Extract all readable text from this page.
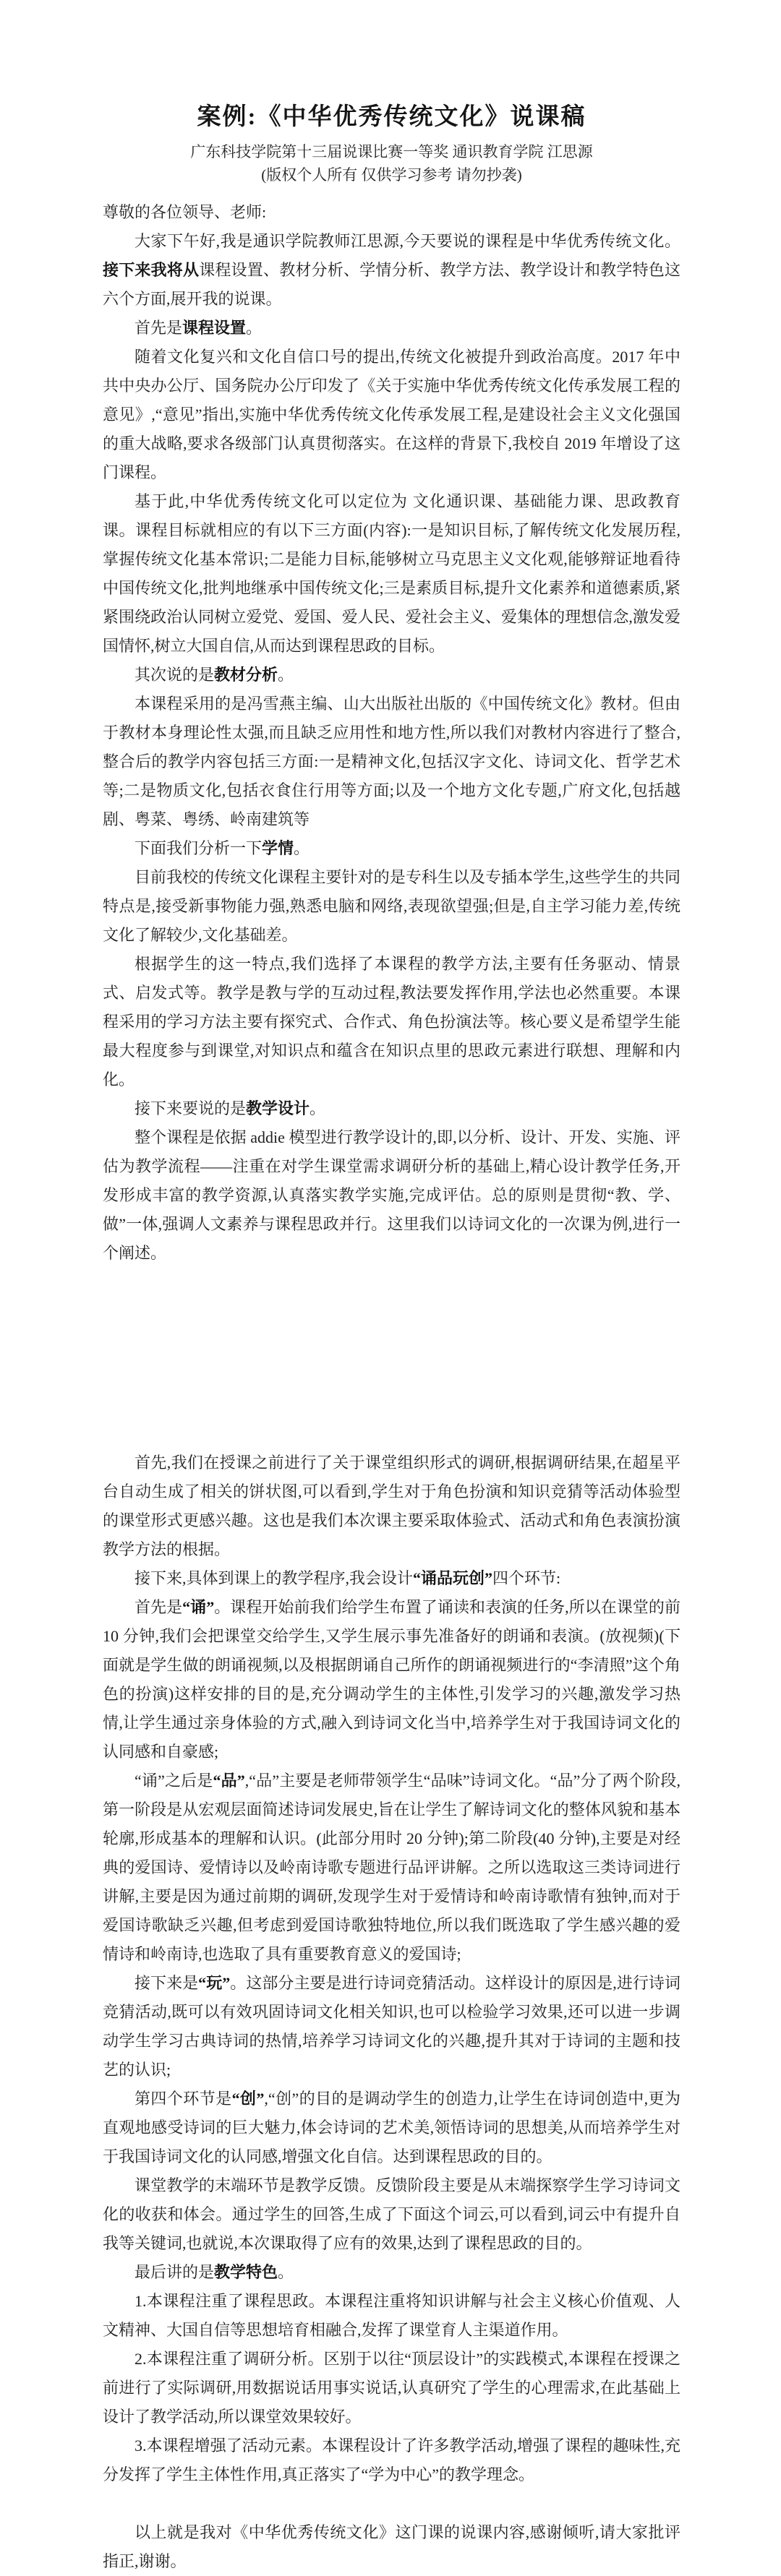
案例:《中华优秀传统文化》说课稿

广东科技学院第十三届说课比赛一等奖 通识教育学院 江思源

(版权个人所有 仅供学习参考 请勿抄袭)

尊敬的各位领导、老师:

大家下午好,我是通识学院教师江思源,今天要说的课程是中华优秀传统文化。接下来我将从课程设置、教材分析、学情分析、教学方法、教学设计和教学特色这六个方面,展开我的说课。

首先是课程设置。

随着文化复兴和文化自信口号的提出,传统文化被提升到政治高度。2017 年中共中央办公厅、国务院办公厅印发了《关于实施中华优秀传统文化传承发展工程的意见》,“意见”指出,实施中华优秀传统文化传承发展工程,是建设社会主义文化强国的重大战略,要求各级部门认真贯彻落实。在这样的背景下,我校自 2019 年增设了这门课程。

基于此,中华优秀传统文化可以定位为 文化通识课、基础能力课、思政教育课。课程目标就相应的有以下三方面(内容):一是知识目标,了解传统文化发展历程,掌握传统文化基本常识;二是能力目标,能够树立马克思主义文化观,能够辩证地看待中国传统文化,批判地继承中国传统文化;三是素质目标,提升文化素养和道德素质,紧紧围绕政治认同树立爱党、爱国、爱人民、爱社会主义、爱集体的理想信念,激发爱国情怀,树立大国自信,从而达到课程思政的目标。

其次说的是教材分析。

本课程采用的是冯雪燕主编、山大出版社出版的《中国传统文化》教材。但由于教材本身理论性太强,而且缺乏应用性和地方性,所以我们对教材内容进行了整合,整合后的教学内容包括三方面:一是精神文化,包括汉字文化、诗词文化、哲学艺术等;二是物质文化,包括衣食住行用等方面;以及一个地方文化专题,广府文化,包括越剧、粤菜、粤绣、岭南建筑等

下面我们分析一下学情。

目前我校的传统文化课程主要针对的是专科生以及专插本学生,这些学生的共同特点是,接受新事物能力强,熟悉电脑和网络,表现欲望强;但是,自主学习能力差,传统文化了解较少,文化基础差。

根据学生的这一特点,我们选择了本课程的教学方法,主要有任务驱动、情景式、启发式等。教学是教与学的互动过程,教法要发挥作用,学法也必然重要。本课程采用的学习方法主要有探究式、合作式、角色扮演法等。核心要义是希望学生能最大程度参与到课堂,对知识点和蕴含在知识点里的思政元素进行联想、理解和内化。

接下来要说的是教学设计。

整个课程是依据 addie 模型进行教学设计的,即,以分析、设计、开发、实施、评估为教学流程——注重在对学生课堂需求调研分析的基础上,精心设计教学任务,开发形成丰富的教学资源,认真落实教学实施,完成评估。总的原则是贯彻“教、学、做”一体,强调人文素养与课程思政并行。这里我们以诗词文化的一次课为例,进行一个阐述。

首先,我们在授课之前进行了关于课堂组织形式的调研,根据调研结果,在超星平台自动生成了相关的饼状图,可以看到,学生对于角色扮演和知识竞猜等活动体验型的课堂形式更感兴趣。这也是我们本次课主要采取体验式、活动式和角色表演扮演教学方法的根据。

接下来,具体到课上的教学程序,我会设计“诵品玩创”四个环节:

首先是“诵”。课程开始前我们给学生布置了诵读和表演的任务,所以在课堂的前 10 分钟,我们会把课堂交给学生,又学生展示事先准备好的朗诵和表演。(放视频)(下面就是学生做的朗诵视频,以及根据朗诵自己所作的朗诵视频进行的“李清照”这个角色的扮演)这样安排的目的是,充分调动学生的主体性,引发学习的兴趣,激发学习热情,让学生通过亲身体验的方式,融入到诗词文化当中,培养学生对于我国诗词文化的认同感和自豪感;

“诵”之后是“品”,“品”主要是老师带领学生“品味”诗词文化。“品”分了两个阶段,第一阶段是从宏观层面简述诗词发展史,旨在让学生了解诗词文化的整体风貌和基本轮廓,形成基本的理解和认识。(此部分用时 20 分钟);第二阶段(40 分钟),主要是对经典的爱国诗、爱情诗以及岭南诗歌专题进行品评讲解。之所以选取这三类诗词进行讲解,主要是因为通过前期的调研,发现学生对于爱情诗和岭南诗歌情有独钟,而对于爱国诗歌缺乏兴趣,但考虑到爱国诗歌独特地位,所以我们既选取了学生感兴趣的爱情诗和岭南诗,也选取了具有重要教育意义的爱国诗;

接下来是“玩”。这部分主要是进行诗词竞猜活动。这样设计的原因是,进行诗词竞猜活动,既可以有效巩固诗词文化相关知识,也可以检验学习效果,还可以进一步调动学生学习古典诗词的热情,培养学习诗词文化的兴趣,提升其对于诗词的主题和技艺的认识;

第四个环节是“创”,“创”的目的是调动学生的创造力,让学生在诗词创造中,更为直观地感受诗词的巨大魅力,体会诗词的艺术美,领悟诗词的思想美,从而培养学生对于我国诗词文化的认同感,增强文化自信。达到课程思政的目的。

课堂教学的末端环节是教学反馈。反馈阶段主要是从末端探察学生学习诗词文化的收获和体会。通过学生的回答,生成了下面这个词云,可以看到,词云中有提升自我等关键词,也就说,本次课取得了应有的效果,达到了课程思政的目的。

最后讲的是教学特色。

1.本课程注重了课程思政。本课程注重将知识讲解与社会主义核心价值观、人文精神、大国自信等思想培育相融合,发挥了课堂育人主渠道作用。

2.本课程注重了调研分析。区别于以往“顶层设计”的实践模式,本课程在授课之前进行了实际调研,用数据说话用事实说话,认真研究了学生的心理需求,在此基础上设计了教学活动,所以课堂效果较好。

3.本课程增强了活动元素。本课程设计了许多教学活动,增强了课程的趣味性,充分发挥了学生主体性作用,真正落实了“学为中心”的教学理念。

以上就是我对《中华优秀传统文化》这门课的说课内容,感谢倾听,请大家批评指正,谢谢。
